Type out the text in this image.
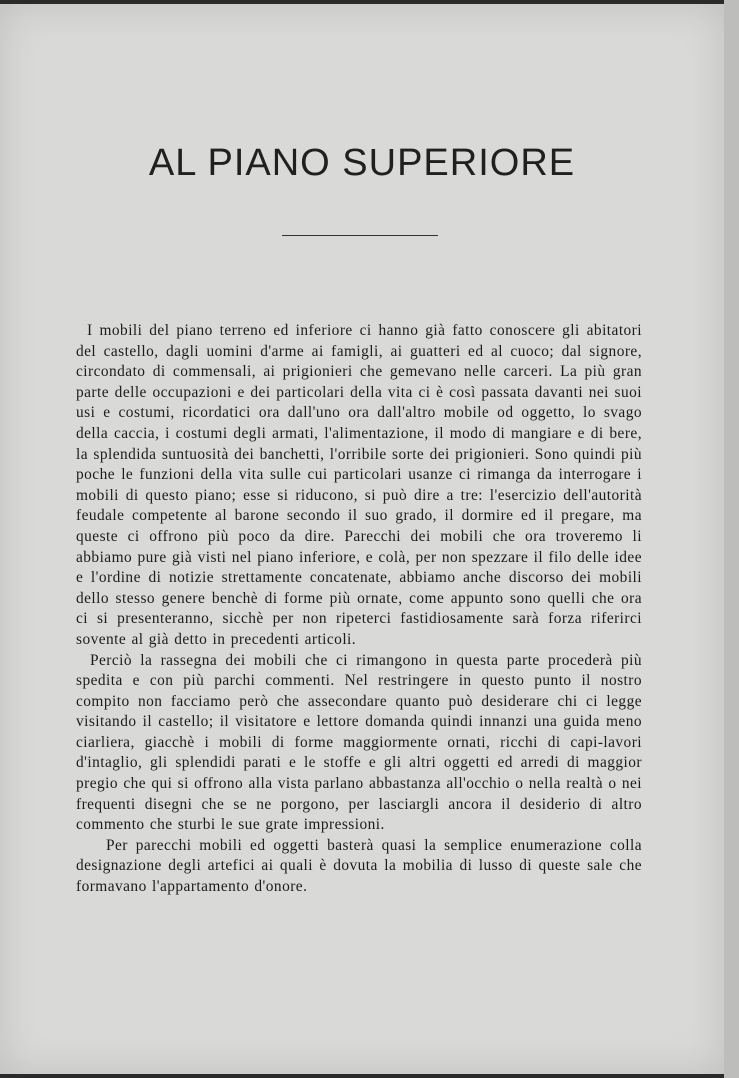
AL PIANO SUPERIORE

I mobili del piano terreno ed inferiore ci hanno già fatto conoscere gli abitatori del castello, dagli uomini d'arme ai famigli, ai guatteri ed al cuoco; dal signore, circondato di commensali, ai prigionieri che gemevano nelle carceri. La più gran parte delle occupazioni e dei particolari della vita ci è così passata davanti nei suoi usi e costumi, ricordatici ora dall'uno ora dall'altro mobile od oggetto, lo svago della caccia, i costumi degli armati, l'alimentazione, il modo di mangiare e di bere, la splendida suntuosità dei banchetti, l'orribile sorte dei prigionieri. Sono quindi più poche le funzioni della vita sulle cui particolari usanze ci rimanga da interrogare i mobili di questo piano; esse si riducono, si può dire a tre: l'esercizio dell'autorità feudale competente al barone secondo il suo grado, il dormire ed il pregare, ma queste ci offrono più poco da dire. Parecchi dei mobili che ora troveremo li abbiamo pure già visti nel piano inferiore, e colà, per non spezzare il filo delle idee e l'ordine di notizie strettamente concatenate, abbiamo anche discorso dei mobili dello stesso genere benchè di forme più ornate, come appunto sono quelli che ora ci si presenteranno, sicchè per non ripeterci fastidiosamente sarà forza riferirci sovente al già detto in precedenti articoli.

Perciò la rassegna dei mobili che ci rimangono in questa parte procederà più spedita e con più parchi commenti. Nel restringere in questo punto il nostro compito non facciamo però che assecondare quanto può desiderare chi ci legge visitando il castello; il visitatore e lettore domanda quindi innanzi una guida meno ciarliera, giacchè i mobili di forme maggiormente ornati, ricchi di capi-lavori d'intaglio, gli splendidi parati e le stoffe e gli altri oggetti ed arredi di maggior pregio che qui si offrono alla vista parlano abbastanza all'occhio o nella realtà o nei frequenti disegni che se ne porgono, per lasciargli ancora il desiderio di altro commento che sturbi le sue grate impressioni.

Per parecchi mobili ed oggetti basterà quasi la semplice enumerazione colla designazione degli artefici ai quali è dovuta la mobilia di lusso di queste sale che formavano l'appartamento d'onore.
